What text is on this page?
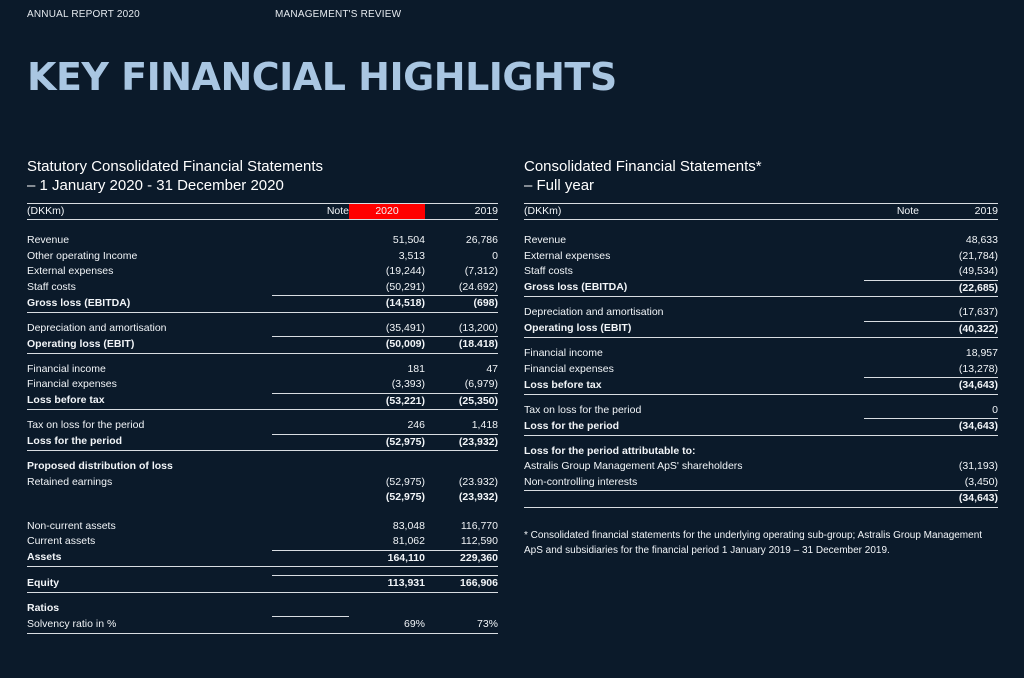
ANNUAL REPORT 2020	MANAGEMENT'S REVIEW
KEY FINANCIAL HIGHLIGHTS
Statutory Consolidated Financial Statements
– 1 January 2020 - 31 December 2020
(DKKm)	Note	2020	2019

Revenue		51,504	26,786
Other operating Income		3,513	0
External expenses		(19,244)	(7,312)
Staff costs		(50,291)	(24.692)
Gross loss (EBITDA)		(14,518)	(698)

Depreciation and amortisation		(35,491)	(13,200)
Operating loss (EBIT)		(50,009)	(18.418)

Financial income		181	47
Financial expenses		(3,393)	(6,979)
Loss before tax		(53,221)	(25,350)

Tax on loss for the period		246	1,418
Loss for the period		(52,975)	(23,932)

Proposed distribution of loss			
Retained earnings		(52,975)	(23.932)
		(52,975)	(23,932)

Non-current assets		83,048	116,770
Current assets		81,062	112,590
Assets		164,110	229,360

Equity		113,931	166,906

Ratios			
Solvency ratio in %		69%	73%
Consolidated Financial Statements*
– Full year
(DKKm)	Note	2019

Revenue		48,633
External expenses		(21,784)
Staff costs		(49,534)
Gross loss (EBITDA)		(22,685)

Depreciation and amortisation		(17,637)
Operating loss (EBIT)		(40,322)

Financial income		18,957
Financial expenses		(13,278)
Loss before tax		(34,643)

Tax on loss for the period		0
Loss for the period		(34,643)

Loss for the period attributable to:		
Astralis Group Management ApS' shareholders		(31,193)
Non-controlling interests		(3,450)
		(34,643)
* Consolidated financial statements for the underlying operating sub-group; Astralis Group Management ApS and subsidiaries for the financial period 1 January 2019 – 31 December 2019.
